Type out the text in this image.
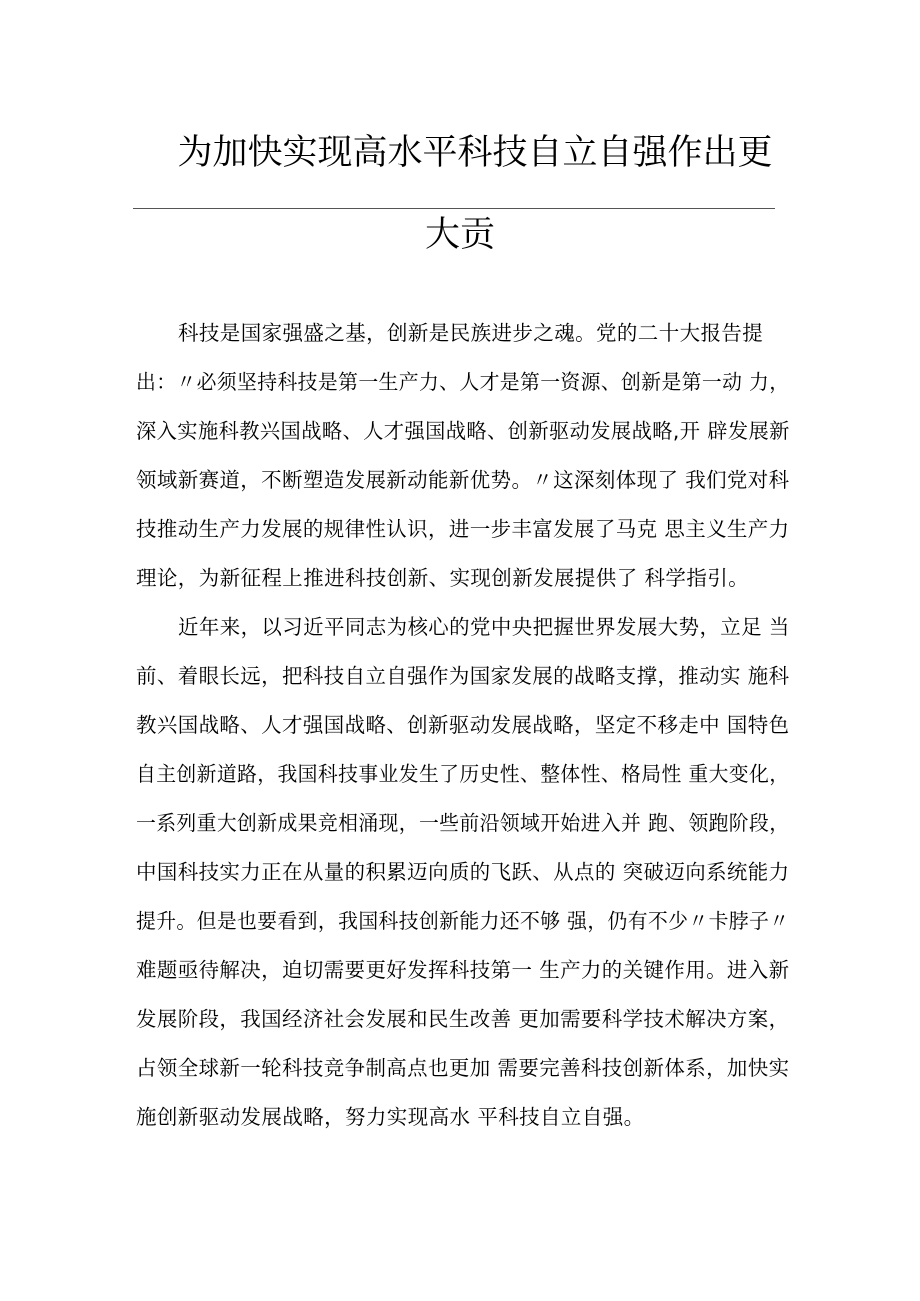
为加快实现高水平科技自立自强作出更
大贡
科技是国家强盛之基，创新是民族进步之魂。党的二十大报告提
出：〃必须坚持科技是第一生产力、人才是第一资源、创新是第一动 力，
深入实施科教兴国战略、人才强国战略、创新驱动发展战略,开 辟发展新
领域新赛道，不断塑造发展新动能新优势。〃这深刻体现了 我们党对科
技推动生产力发展的规律性认识，进一步丰富发展了马克 思主义生产力
理论，为新征程上推进科技创新、实现创新发展提供了 科学指引。
近年来，以习近平同志为核心的党中央把握世界发展大势，立足 当
前、着眼长远，把科技自立自强作为国家发展的战略支撑，推动实 施科
教兴国战略、人才强国战略、创新驱动发展战略，坚定不移走中 国特色
自主创新道路，我国科技事业发生了历史性、整体性、格局性 重大变化，
一系列重大创新成果竞相涌现，一些前沿领域开始进入并 跑、领跑阶段，
中国科技实力正在从量的积累迈向质的飞跃、从点的 突破迈向系统能力
提升。但是也要看到，我国科技创新能力还不够 强，仍有不少〃卡脖子〃
难题亟待解决，迫切需要更好发挥科技第一 生产力的关键作用。进入新
发展阶段，我国经济社会发展和民生改善 更加需要科学技术解决方案，
占领全球新一轮科技竞争制高点也更加 需要完善科技创新体系，加快实
施创新驱动发展战略，努力实现高水 平科技自立自强。
